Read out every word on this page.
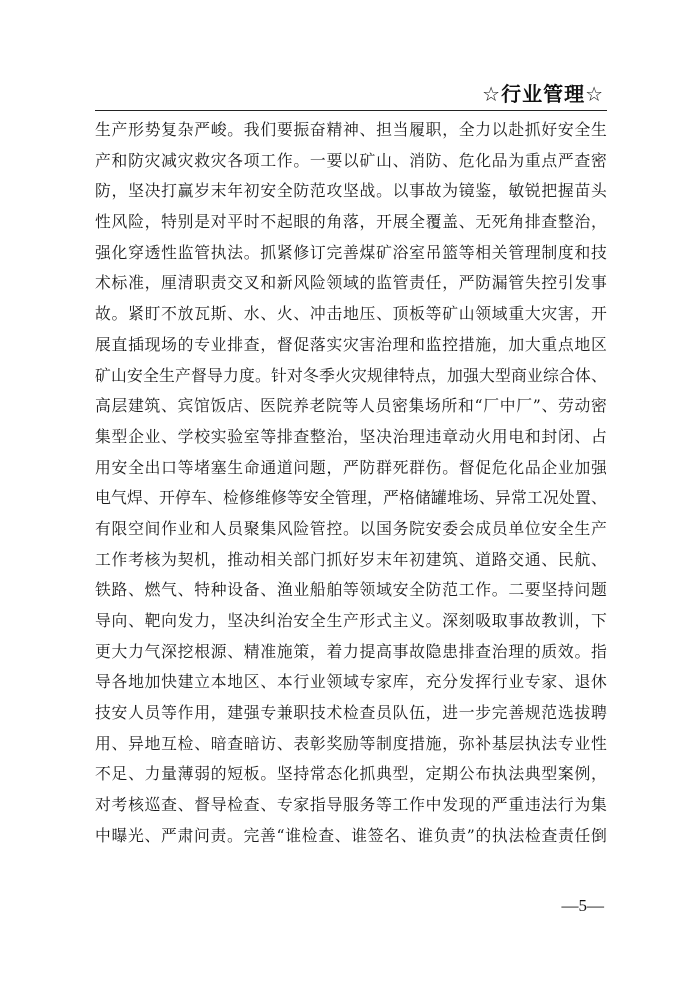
☆行业管理☆
生产形势复杂严峻。我们要振奋精神、担当履职，全力以赴抓好安全生
产和防灾减灾救灾各项工作。一要以矿山、消防、危化品为重点严查密
防，坚决打赢岁末年初安全防范攻坚战。以事故为镜鉴，敏锐把握苗头
性风险，特别是对平时不起眼的角落，开展全覆盖、无死角排查整治，
强化穿透性监管执法。抓紧修订完善煤矿浴室吊篮等相关管理制度和技
术标准，厘清职责交叉和新风险领域的监管责任，严防漏管失控引发事
故。紧盯不放瓦斯、水、火、冲击地压、顶板等矿山领域重大灾害，开
展直插现场的专业排查，督促落实灾害治理和监控措施，加大重点地区
矿山安全生产督导力度。针对冬季火灾规律特点，加强大型商业综合体、
高层建筑、宾馆饭店、医院养老院等人员密集场所和“厂中厂”、劳动密
集型企业、学校实验室等排查整治，坚决治理违章动火用电和封闭、占
用安全出口等堵塞生命通道问题，严防群死群伤。督促危化品企业加强
电气焊、开停车、检修维修等安全管理，严格储罐堆场、异常工况处置、
有限空间作业和人员聚集风险管控。以国务院安委会成员单位安全生产
工作考核为契机，推动相关部门抓好岁末年初建筑、道路交通、民航、
铁路、燃气、特种设备、渔业船舶等领域安全防范工作。二要坚持问题
导向、靶向发力，坚决纠治安全生产形式主义。深刻吸取事故教训，下
更大力气深挖根源、精准施策，着力提高事故隐患排查治理的质效。指
导各地加快建立本地区、本行业领域专家库，充分发挥行业专家、退休
技安人员等作用，建强专兼职技术检查员队伍，进一步完善规范选拔聘
用、异地互检、暗查暗访、表彰奖励等制度措施，弥补基层执法专业性
不足、力量薄弱的短板。坚持常态化抓典型，定期公布执法典型案例，
对考核巡查、督导检查、专家指导服务等工作中发现的严重违法行为集
中曝光、严肃问责。完善“谁检查、谁签名、谁负责”的执法检查责任倒
—5—
